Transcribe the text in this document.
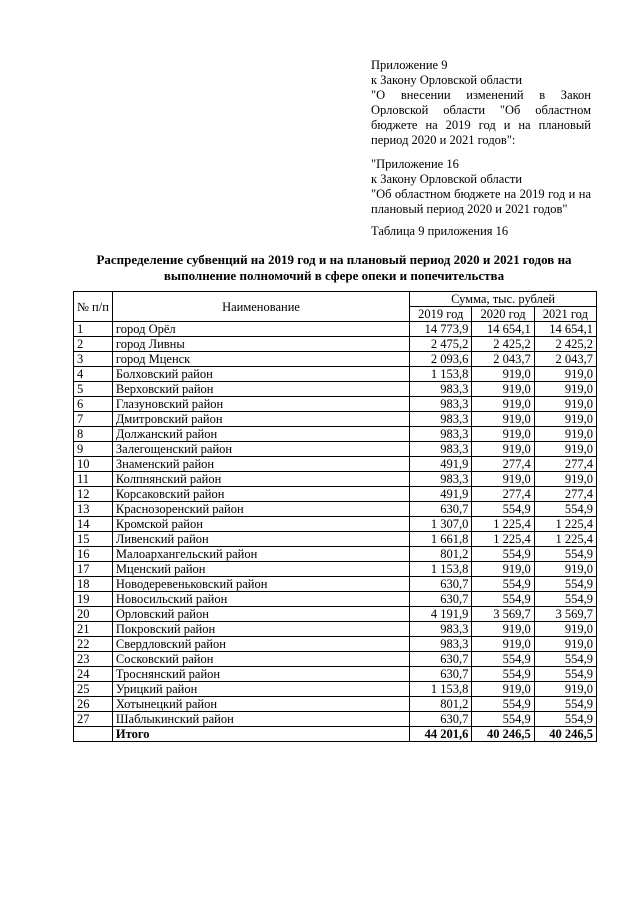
Приложение 9

к Закону Орловской области

"О внесении изменений в Закон Орловской области "Об областном бюджете на 2019 год и на плановый период 2020 и 2021 годов":

"Приложение 16

к Закону Орловской области

"Об областном бюджете на 2019 год и на плановый период 2020 и 2021 годов"

Таблица 9 приложения 16
Распределение субвенций на 2019 год и на плановый период 2020 и 2021 годов на выполнение полномочий в сфере опеки и попечительства
№ п/п	Наименование	Сумма, тыс. рублей		
		2019 год	2020 год	2021 год
1	город Орёл	14 773,9	14 654,1	14 654,1
2	город Ливны	2 475,2	2 425,2	2 425,2
3	город Мценск	2 093,6	2 043,7	2 043,7
4	Болховский район	1 153,8	919,0	919,0
5	Верховский район	983,3	919,0	919,0
6	Глазуновский район	983,3	919,0	919,0
7	Дмитровский район	983,3	919,0	919,0
8	Должанский район	983,3	919,0	919,0
9	Залегощенский район	983,3	919,0	919,0
10	Знаменский район	491,9	277,4	277,4
11	Колпнянский район	983,3	919,0	919,0
12	Корсаковский район	491,9	277,4	277,4
13	Краснозоренский район	630,7	554,9	554,9
14	Кромской район	1 307,0	1 225,4	1 225,4
15	Ливенский район	1 661,8	1 225,4	1 225,4
16	Малоархангельский район	801,2	554,9	554,9
17	Мценский район	1 153,8	919,0	919,0
18	Новодеревеньковский район	630,7	554,9	554,9
19	Новосильский район	630,7	554,9	554,9
20	Орловский район	4 191,9	3 569,7	3 569,7
21	Покровский район	983,3	919,0	919,0
22	Свердловский район	983,3	919,0	919,0
23	Сосковский район	630,7	554,9	554,9
24	Троснянский район	630,7	554,9	554,9
25	Урицкий район	1 153,8	919,0	919,0
26	Хотынецкий район	801,2	554,9	554,9
27	Шаблыкинский район	630,7	554,9	554,9
	Итого	44 201,6	40 246,5	40 246,5
